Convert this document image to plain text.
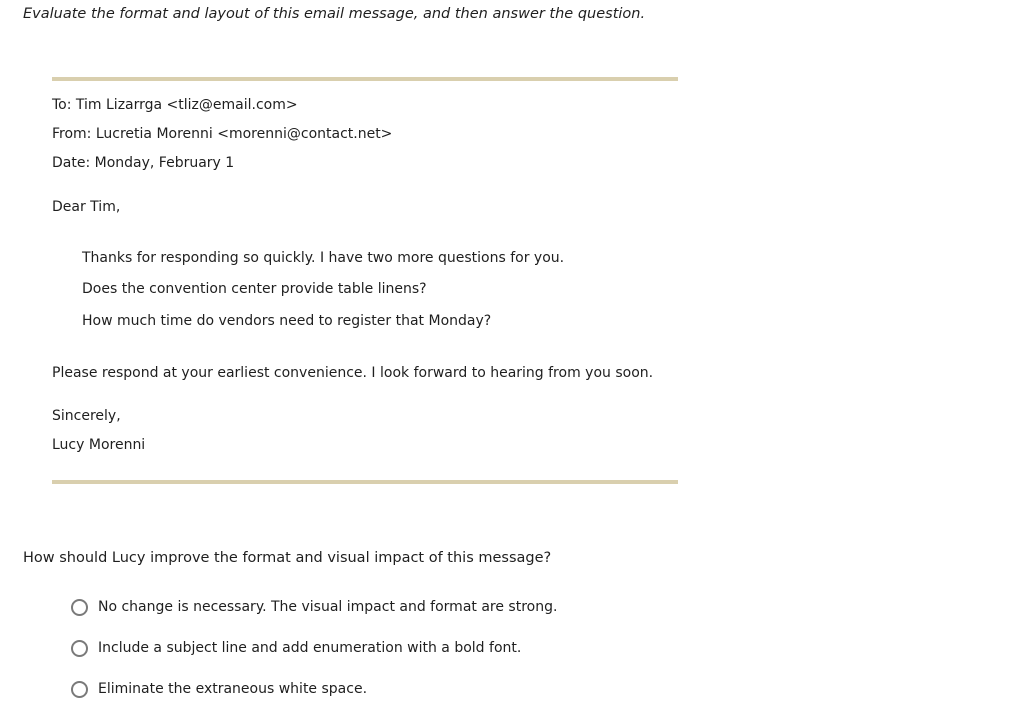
Evaluate the format and layout of this email message, and then answer the question.
To: Tim Lizarrga <tliz@email.com>
From: Lucretia Morenni <morenni@contact.net>
Date: Monday, February 1
Dear Tim,
Thanks for responding so quickly. I have two more questions for you.
Does the convention center provide table linens?
How much time do vendors need to register that Monday?
Please respond at your earliest convenience. I look forward to hearing from you soon.
Sincerely,
Lucy Morenni
How should Lucy improve the format and visual impact of this message?
No change is necessary. The visual impact and format are strong.
Include a subject line and add enumeration with a bold font.
Eliminate the extraneous white space.
